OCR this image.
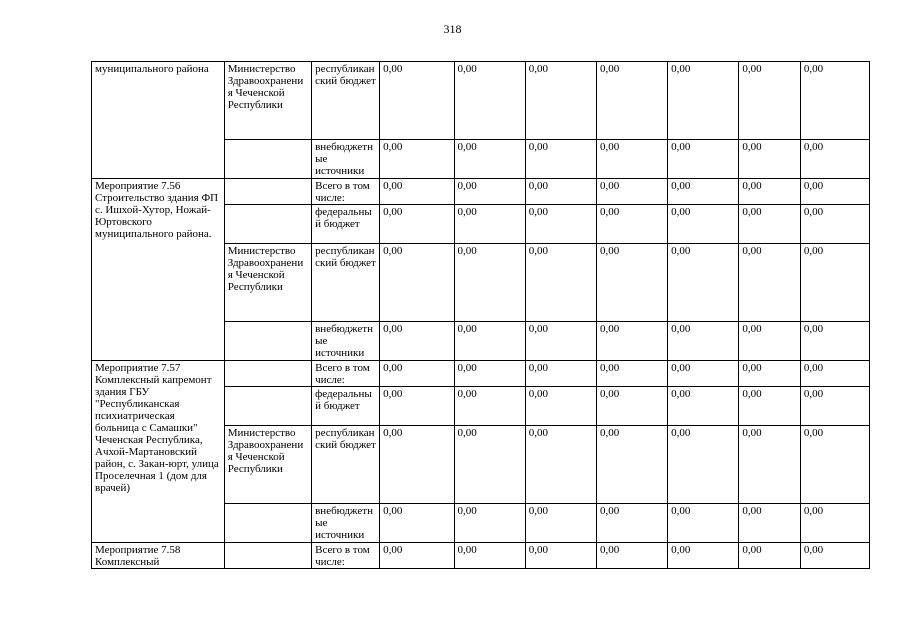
318
муниципального района	Министерство Здравоохранения Чеченской Республики	республиканский бюджет	0,00	0,00	0,00	0,00	0,00	0,00	0,00
		внебюджетные источники	0,00	0,00	0,00	0,00	0,00	0,00	0,00
Мероприятие 7.56 Строительство здания ФП с. Ишхой-Хутор, Ножай-Юртовского муниципального района.		Всего в том числе:	0,00	0,00	0,00	0,00	0,00	0,00	0,00
		федеральный бюджет	0,00	0,00	0,00	0,00	0,00	0,00	0,00
	Министерство Здравоохранения Чеченской Республики	республиканский бюджет	0,00	0,00	0,00	0,00	0,00	0,00	0,00
		внебюджетные источники	0,00	0,00	0,00	0,00	0,00	0,00	0,00
Мероприятие 7.57 Комплексный капремонт здания ГБУ "Республиканская психиатрическая больница с Самашки" Чеченская Республика, Ачхой-Мартановский район, с. Закан-юрт, улица Проселечная 1 (дом для врачей)		Всего в том числе:	0,00	0,00	0,00	0,00	0,00	0,00	0,00
		федеральный бюджет	0,00	0,00	0,00	0,00	0,00	0,00	0,00
	Министерство Здравоохранения Чеченской Республики	республиканский бюджет	0,00	0,00	0,00	0,00	0,00	0,00	0,00
		внебюджетные источники	0,00	0,00	0,00	0,00	0,00	0,00	0,00
Мероприятие 7.58 Комплексный		Всего в том числе:	0,00	0,00	0,00	0,00	0,00	0,00	0,00
